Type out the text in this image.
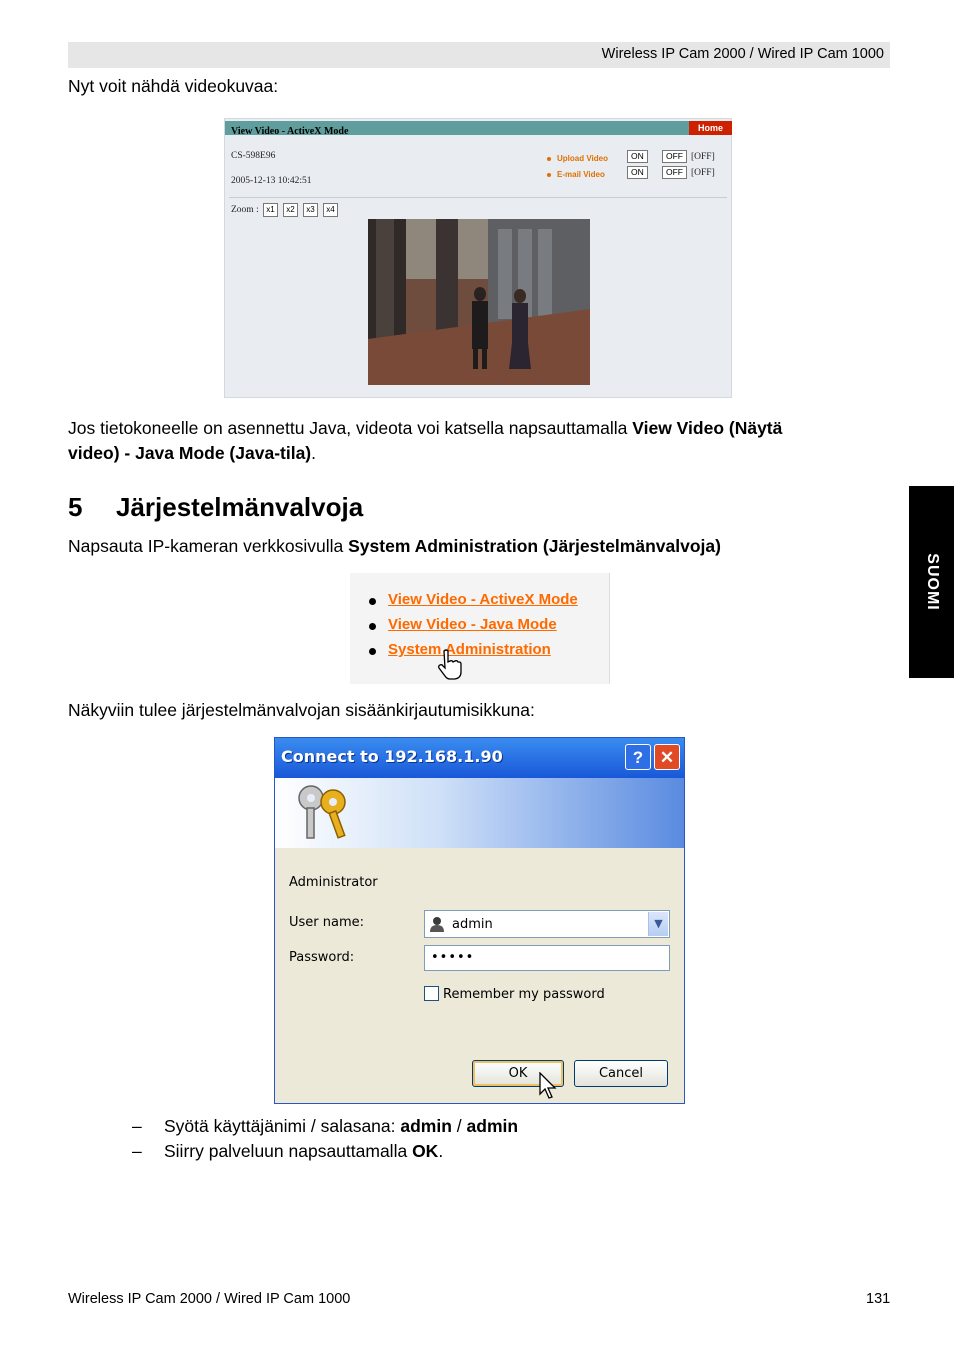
Wireless IP Cam 2000 / Wired IP Cam 1000
Nyt voit nähdä videokuvaa:
View Video - ActiveX Mode	Home
CS-598E96
2005-12-13 10:42:51
Upload Video	ON	OFF [OFF]
E-mail Video	ON	OFF [OFF]
Zoom : x1	x2	x3	x4
Jos tietokoneelle on asennettu Java, videota voi katsella napsauttamalla View Video (Näytä
video) - Java Mode (Java-tila).
5 Järjestelmänvalvoja
Napsauta IP-kameran verkkosivulla System Administration (Järjestelmänvalvoja)
SUOMI
View Video - ActiveX Mode
View Video - Java Mode
System Administration
Näkyviin tulee järjestelmänvalvojan sisäänkirjautumisikkuna:
Connect to 192.168.1.90	? ✕
Administrator
User name:	admin	▼
Password:	•••••
Remember my password
OK	Cancel
– Syötä käyttäjänimi / salasana: admin / admin
– Siirry palveluun napsauttamalla OK.
Wireless IP Cam 2000 / Wired IP Cam 1000	131
